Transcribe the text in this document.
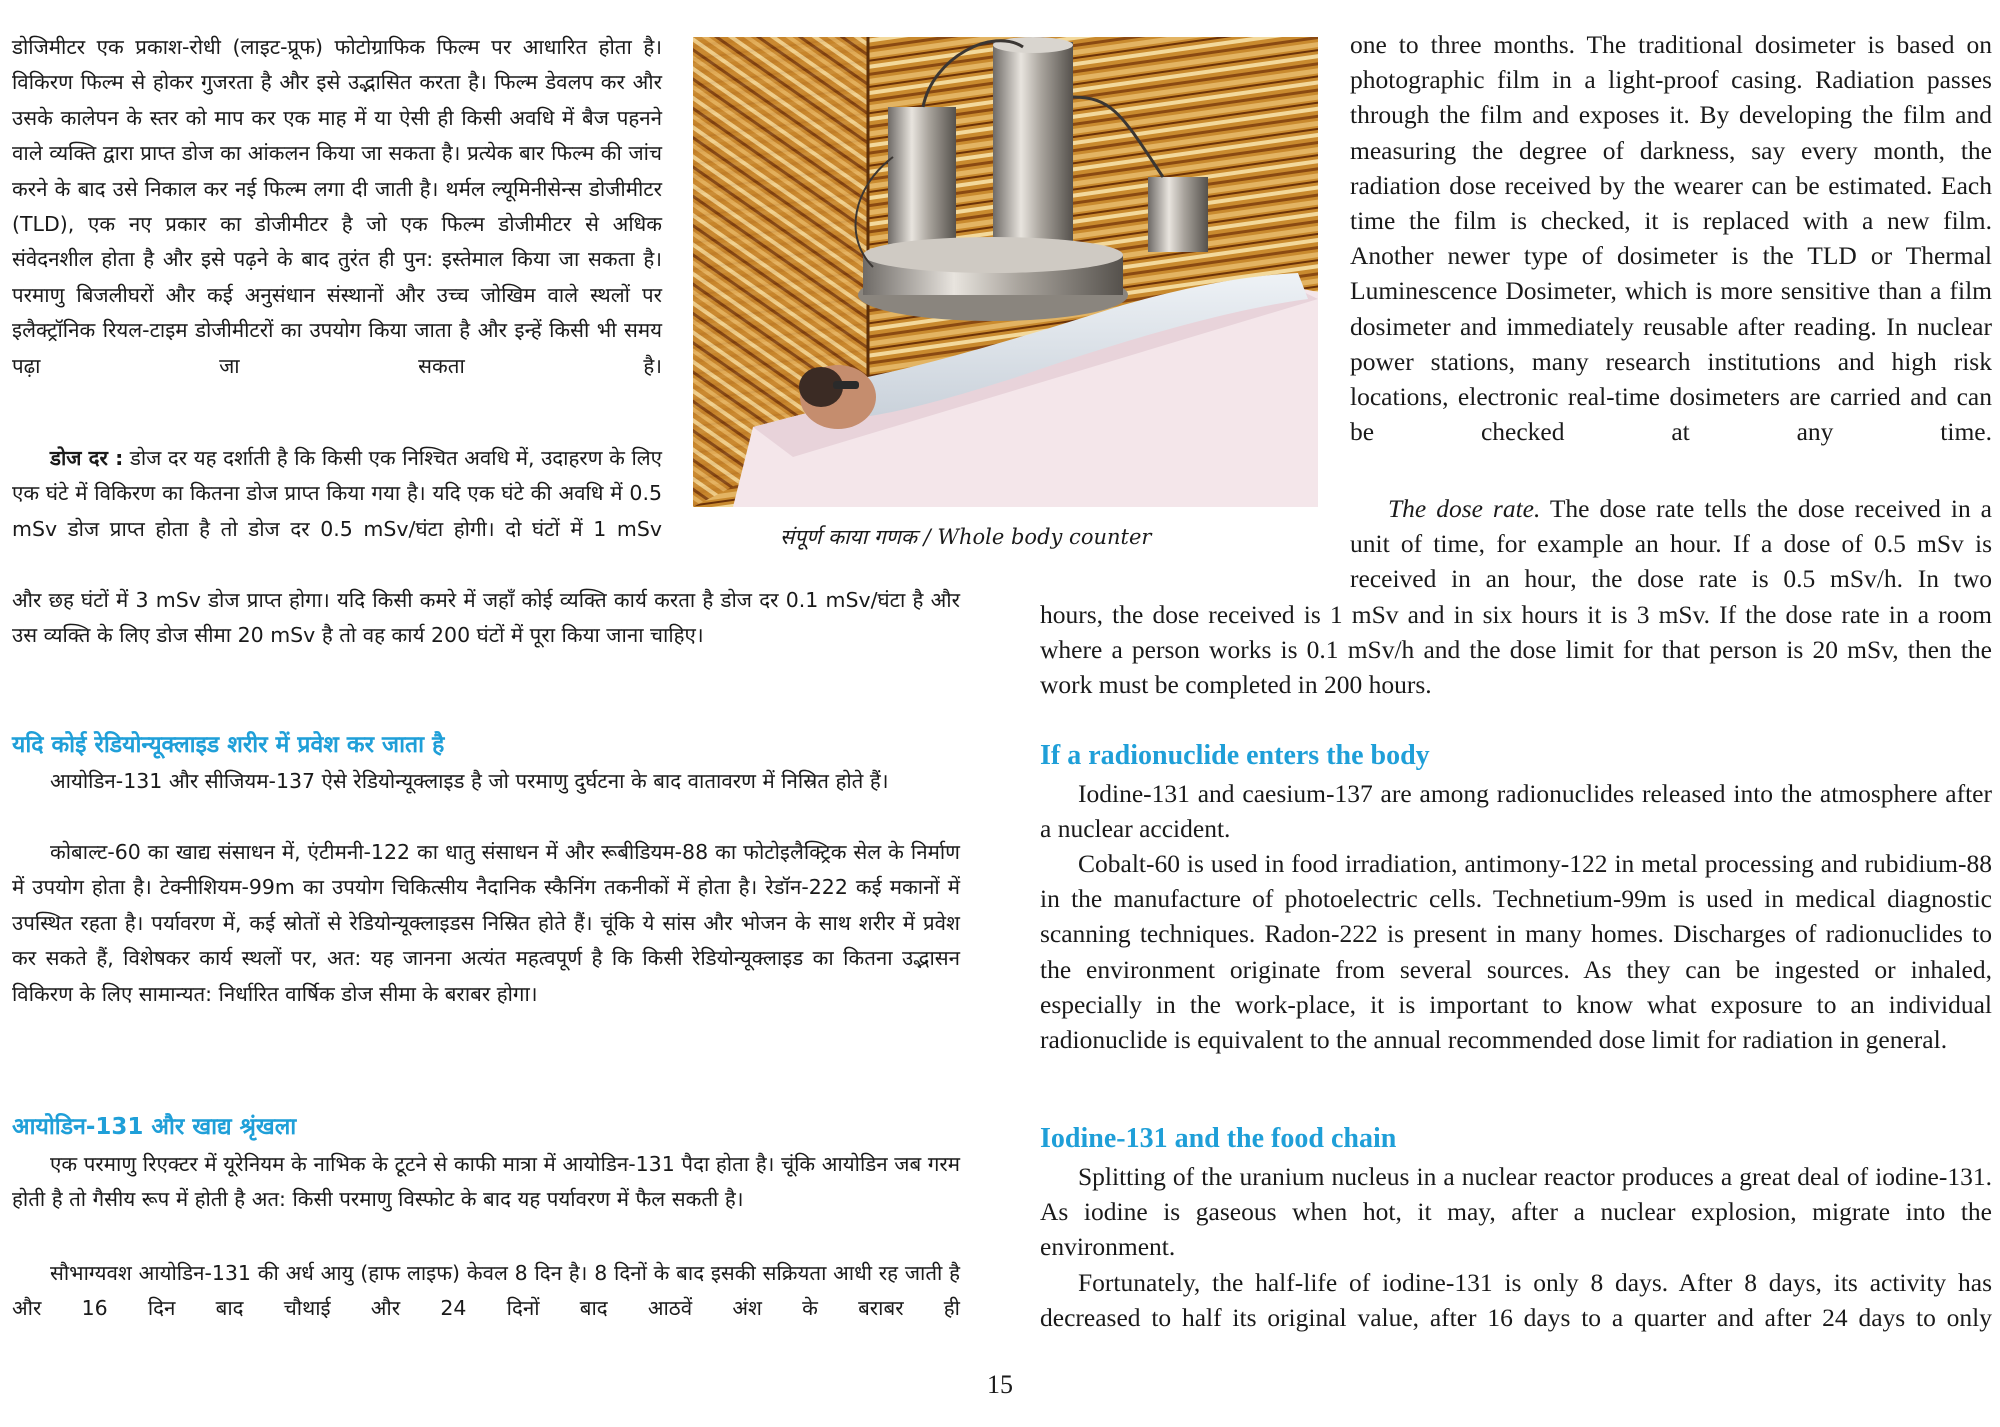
डोजिमीटर एक प्रकाश-रोधी (लाइट-प्रूफ) फोटोग्राफिक फिल्म पर आधारित होता है। विकिरण फिल्म से होकर गुजरता है और इसे उद्भासित करता है। फिल्म डेवलप कर और उसके कालेपन के स्तर को माप कर एक माह में या ऐसी ही किसी अवधि में बैज पहनने वाले व्यक्ति द्वारा प्राप्त डोज का आंकलन किया जा सकता है। प्रत्येक बार फिल्म की जांच करने के बाद उसे निकाल कर नई फिल्म लगा दी जाती है। थर्मल ल्यूमिनीसेन्स डोजीमीटर (TLD), एक नए प्रकार का डोजीमीटर है जो एक फिल्म डोजीमीटर से अधिक संवेदनशील होता है और इसे पढ़ने के बाद तुरंत ही पुन: इस्तेमाल किया जा सकता है। परमाणु बिजलीघरों और कई अनुसंधान संस्थानों और उच्च जोखिम वाले स्थलों पर इलैक्ट्रॉनिक रियल-टाइम डोजीमीटरों का उपयोग किया जाता है और इन्हें किसी भी समय पढ़ा जा सकता है।

डोज दर : डोज दर यह दर्शाती है कि किसी एक निश्चित अवधि में, उदाहरण के लिए एक घंटे में विकिरण का कितना डोज प्राप्त किया गया है। यदि एक घंटे की अवधि में 0.5 mSv डोज प्राप्त होता है तो डोज दर 0.5 mSv/घंटा होगी। दो घंटों में 1 mSv

और छह घंटों में 3 mSv डोज प्राप्त होगा। यदि किसी कमरे में जहाँ कोई व्यक्ति कार्य करता है डोज दर 0.1 mSv/घंटा है और उस व्यक्ति के लिए डोज सीमा 20 mSv है तो वह कार्य 200 घंटों में पूरा किया जाना चाहिए।

यदि कोई रेडियोन्यूक्लाइड शरीर में प्रवेश कर जाता है

आयोडिन-131 और सीजियम-137 ऐसे रेडियोन्यूक्लाइड है जो परमाणु दुर्घटना के बाद वातावरण में निस्रित होते हैं।

कोबाल्ट-60 का खाद्य संसाधन में, एंटीमनी-122 का धातु संसाधन में और रूबीडियम-88 का फोटोइलैक्ट्रिक सेल के निर्माण में उपयोग होता है। टेक्नीशियम-99m का उपयोग चिकित्सीय नैदानिक स्कैनिंग तकनीकों में होता है। रेडॉन-222 कई मकानों में उपस्थित रहता है। पर्यावरण में, कई स्रोतों से रेडियोन्यूक्लाइडस निस्रित होते हैं। चूंकि ये सांस और भोजन के साथ शरीर में प्रवेश कर सकते हैं, विशेषकर कार्य स्थलों पर, अत: यह जानना अत्यंत महत्वपूर्ण है कि किसी रेडियोन्यूक्लाइड का कितना उद्भासन विकिरण के लिए सामान्यत: निर्धारित वार्षिक डोज सीमा के बराबर होगा।

आयोडिन-131 और खाद्य श्रृंखला

एक परमाणु रिएक्टर में यूरेनियम के नाभिक के टूटने से काफी मात्रा में आयोडिन-131 पैदा होता है। चूंकि आयोडिन जब गरम होती है तो गैसीय रूप में होती है अत: किसी परमाणु विस्फोट के बाद यह पर्यावरण में फैल सकती है।

सौभाग्यवश आयोडिन-131 की अर्ध आयु (हाफ लाइफ) केवल 8 दिन है। 8 दिनों के बाद इसकी सक्रियता आधी रह जाती है और 16 दिन बाद चौथाई और 24 दिनों बाद आठवें अंश के बराबर ही

संपूर्ण काया गणक / Whole body counter

one to three months. The traditional dosimeter is based on photographic film in a light-proof casing. Radiation passes through the film and exposes it. By developing the film and measuring the degree of darkness, say every month, the radiation dose received by the wearer can be estimated. Each time the film is checked, it is replaced with a new film. Another newer type of dosimeter is the TLD or Thermal Luminescence Dosimeter, which is more sensitive than a film dosimeter and immediately reusable after reading. In nuclear power stations, many research institutions and high risk locations, electronic real-time dosimeters are carried and can be checked at any time.

The dose rate. The dose rate tells the dose received in a unit of time, for example an hour. If a dose of 0.5 mSv is received in an hour, the dose rate is 0.5 mSv/h. In two

hours, the dose received is 1 mSv and in six hours it is 3 mSv. If the dose rate in a room where a person works is 0.1 mSv/h and the dose limit for that person is 20 mSv, then the work must be completed in 200 hours.

If a radionuclide enters the body

Iodine-131 and caesium-137 are among radionuclides released into the atmosphere after a nuclear accident.

Cobalt-60 is used in food irradiation, antimony-122 in metal processing and rubidium-88 in the manufacture of photoelectric cells. Technetium-99m is used in medical diagnostic scanning techniques. Radon-222 is present in many homes. Discharges of radionuclides to the environment originate from several sources. As they can be ingested or inhaled, especially in the work-place, it is important to know what exposure to an individual radionuclide is equivalent to the annual recommended dose limit for radiation in general.

Iodine-131 and the food chain

Splitting of the uranium nucleus in a nuclear reactor produces a great deal of iodine-131. As iodine is gaseous when hot, it may, after a nuclear explosion, migrate into the environment.

Fortunately, the half-life of iodine-131 is only 8 days. After 8 days, its activity has decreased to half its original value, after 16 days to a quarter and after 24 days to only

15
